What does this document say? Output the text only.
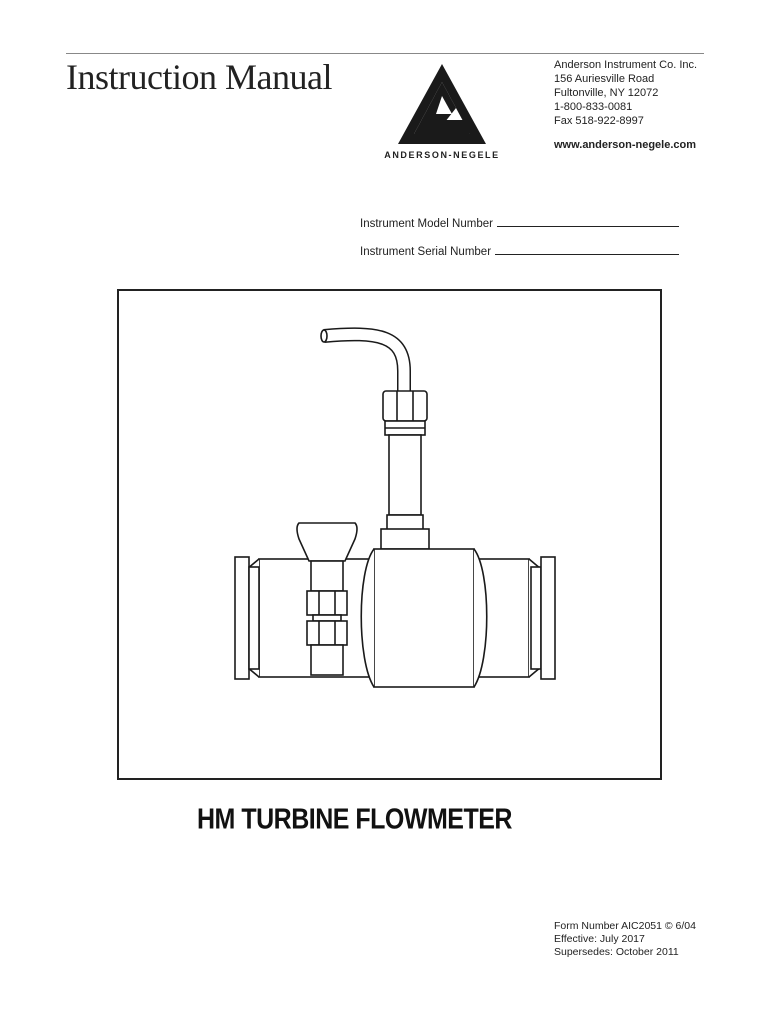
Instruction Manual
ANDERSON-NEGELE
Anderson Instrument Co. Inc.
156 Auriesville Road
Fultonville, NY 12072
1-800-833-0081
Fax 518-922-8997
www.anderson-negele.com
Instrument Model Number
Instrument Serial Number
HM TURBINE FLOWMETER
Form Number AIC2051 © 6/04
Effective: July 2017
Supersedes: October 2011
